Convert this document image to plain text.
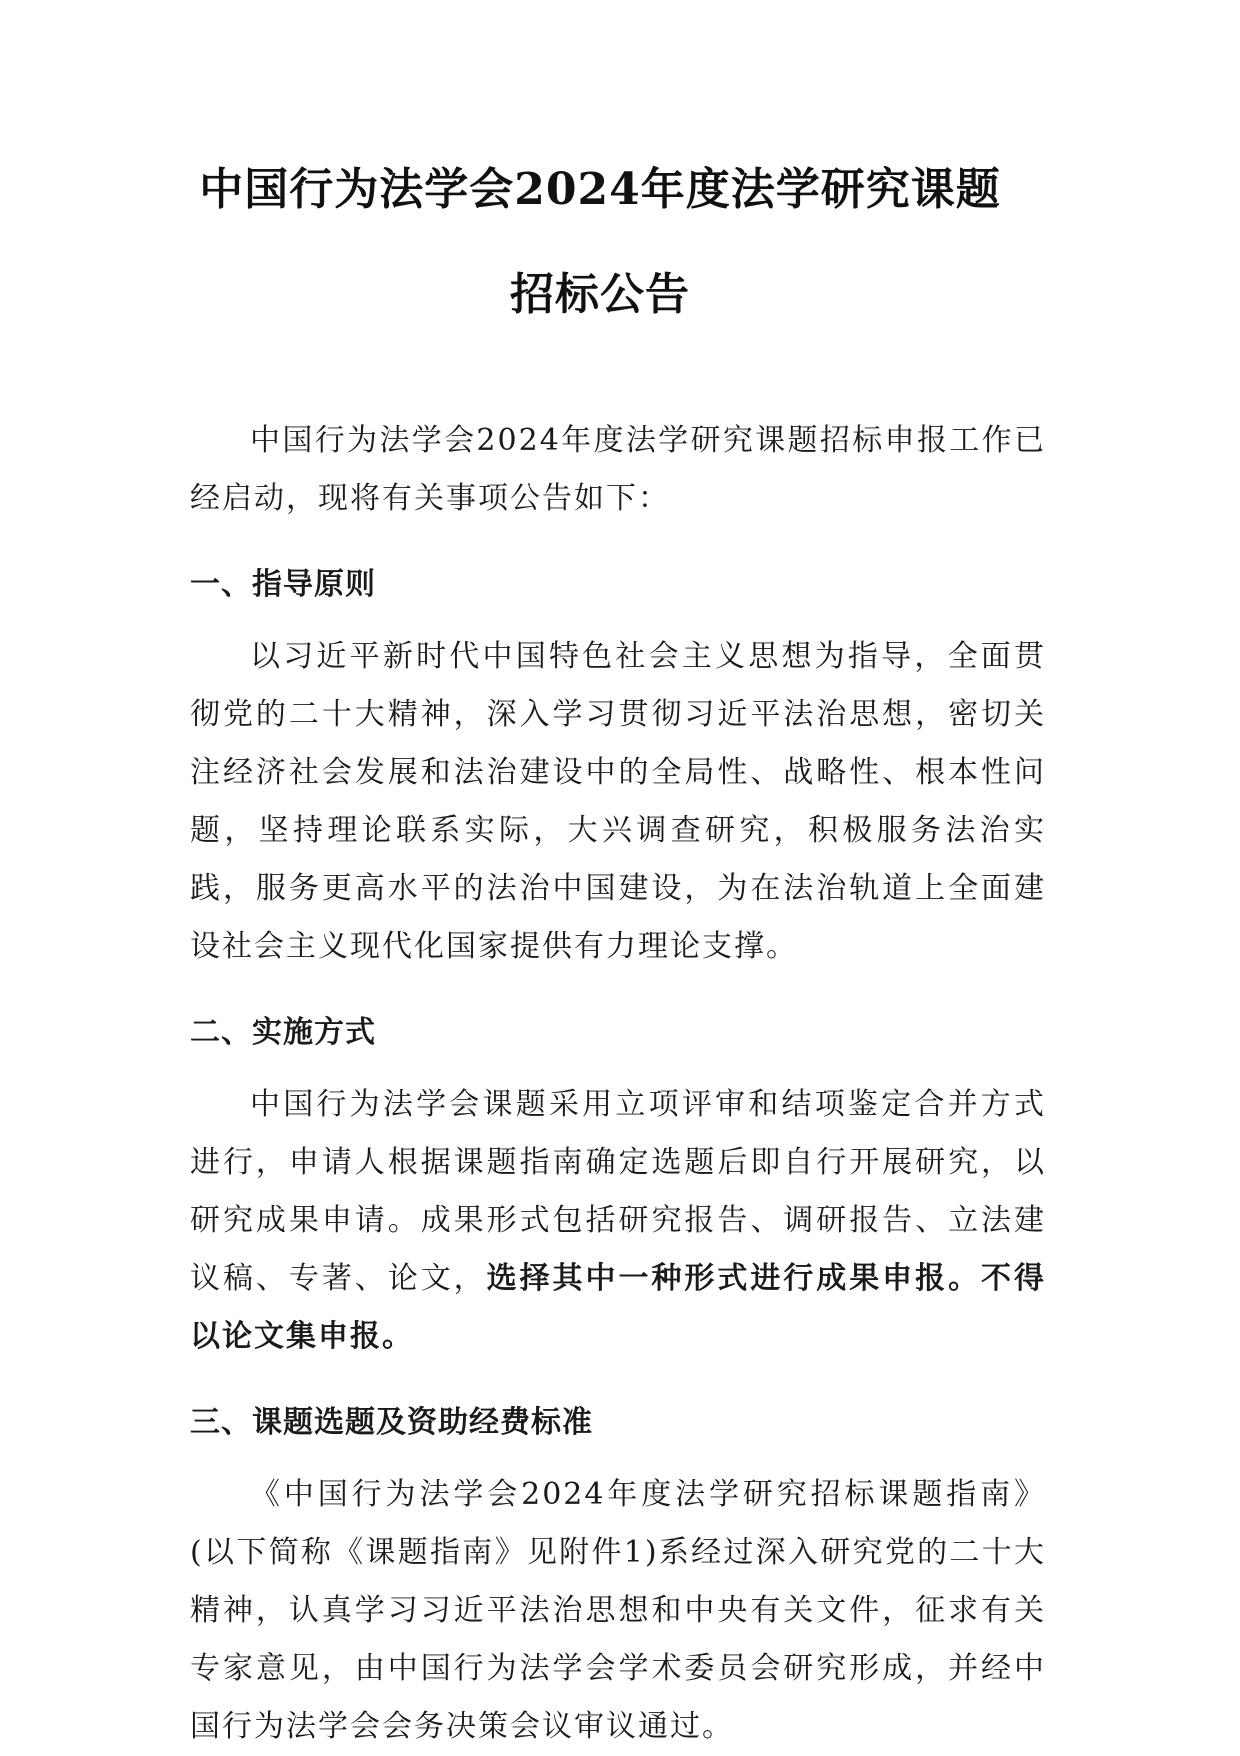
中国行为法学会2024年度法学研究课题
招标公告

中国行为法学会2024年度法学研究课题招标申报工作已经启动，现将有关事项公告如下：

一、指导原则

以习近平新时代中国特色社会主义思想为指导，全面贯彻党的二十大精神，深入学习贯彻习近平法治思想，密切关注经济社会发展和法治建设中的全局性、战略性、根本性问题，坚持理论联系实际，大兴调查研究，积极服务法治实践，服务更高水平的法治中国建设，为在法治轨道上全面建设社会主义现代化国家提供有力理论支撑。

二、实施方式

中国行为法学会课题采用立项评审和结项鉴定合并方式进行，申请人根据课题指南确定选题后即自行开展研究，以研究成果申请。成果形式包括研究报告、调研报告、立法建议稿、专著、论文，选择其中一种形式进行成果申报。不得以论文集申报。

三、课题选题及资助经费标准

《中国行为法学会2024年度法学研究招标课题指南》(以下简称《课题指南》见附件1)系经过深入研究党的二十大精神，认真学习习近平法治思想和中央有关文件，征求有关专家意见，由中国行为法学会学术委员会研究形成，并经中国行为法学会会务决策会议审议通过。
